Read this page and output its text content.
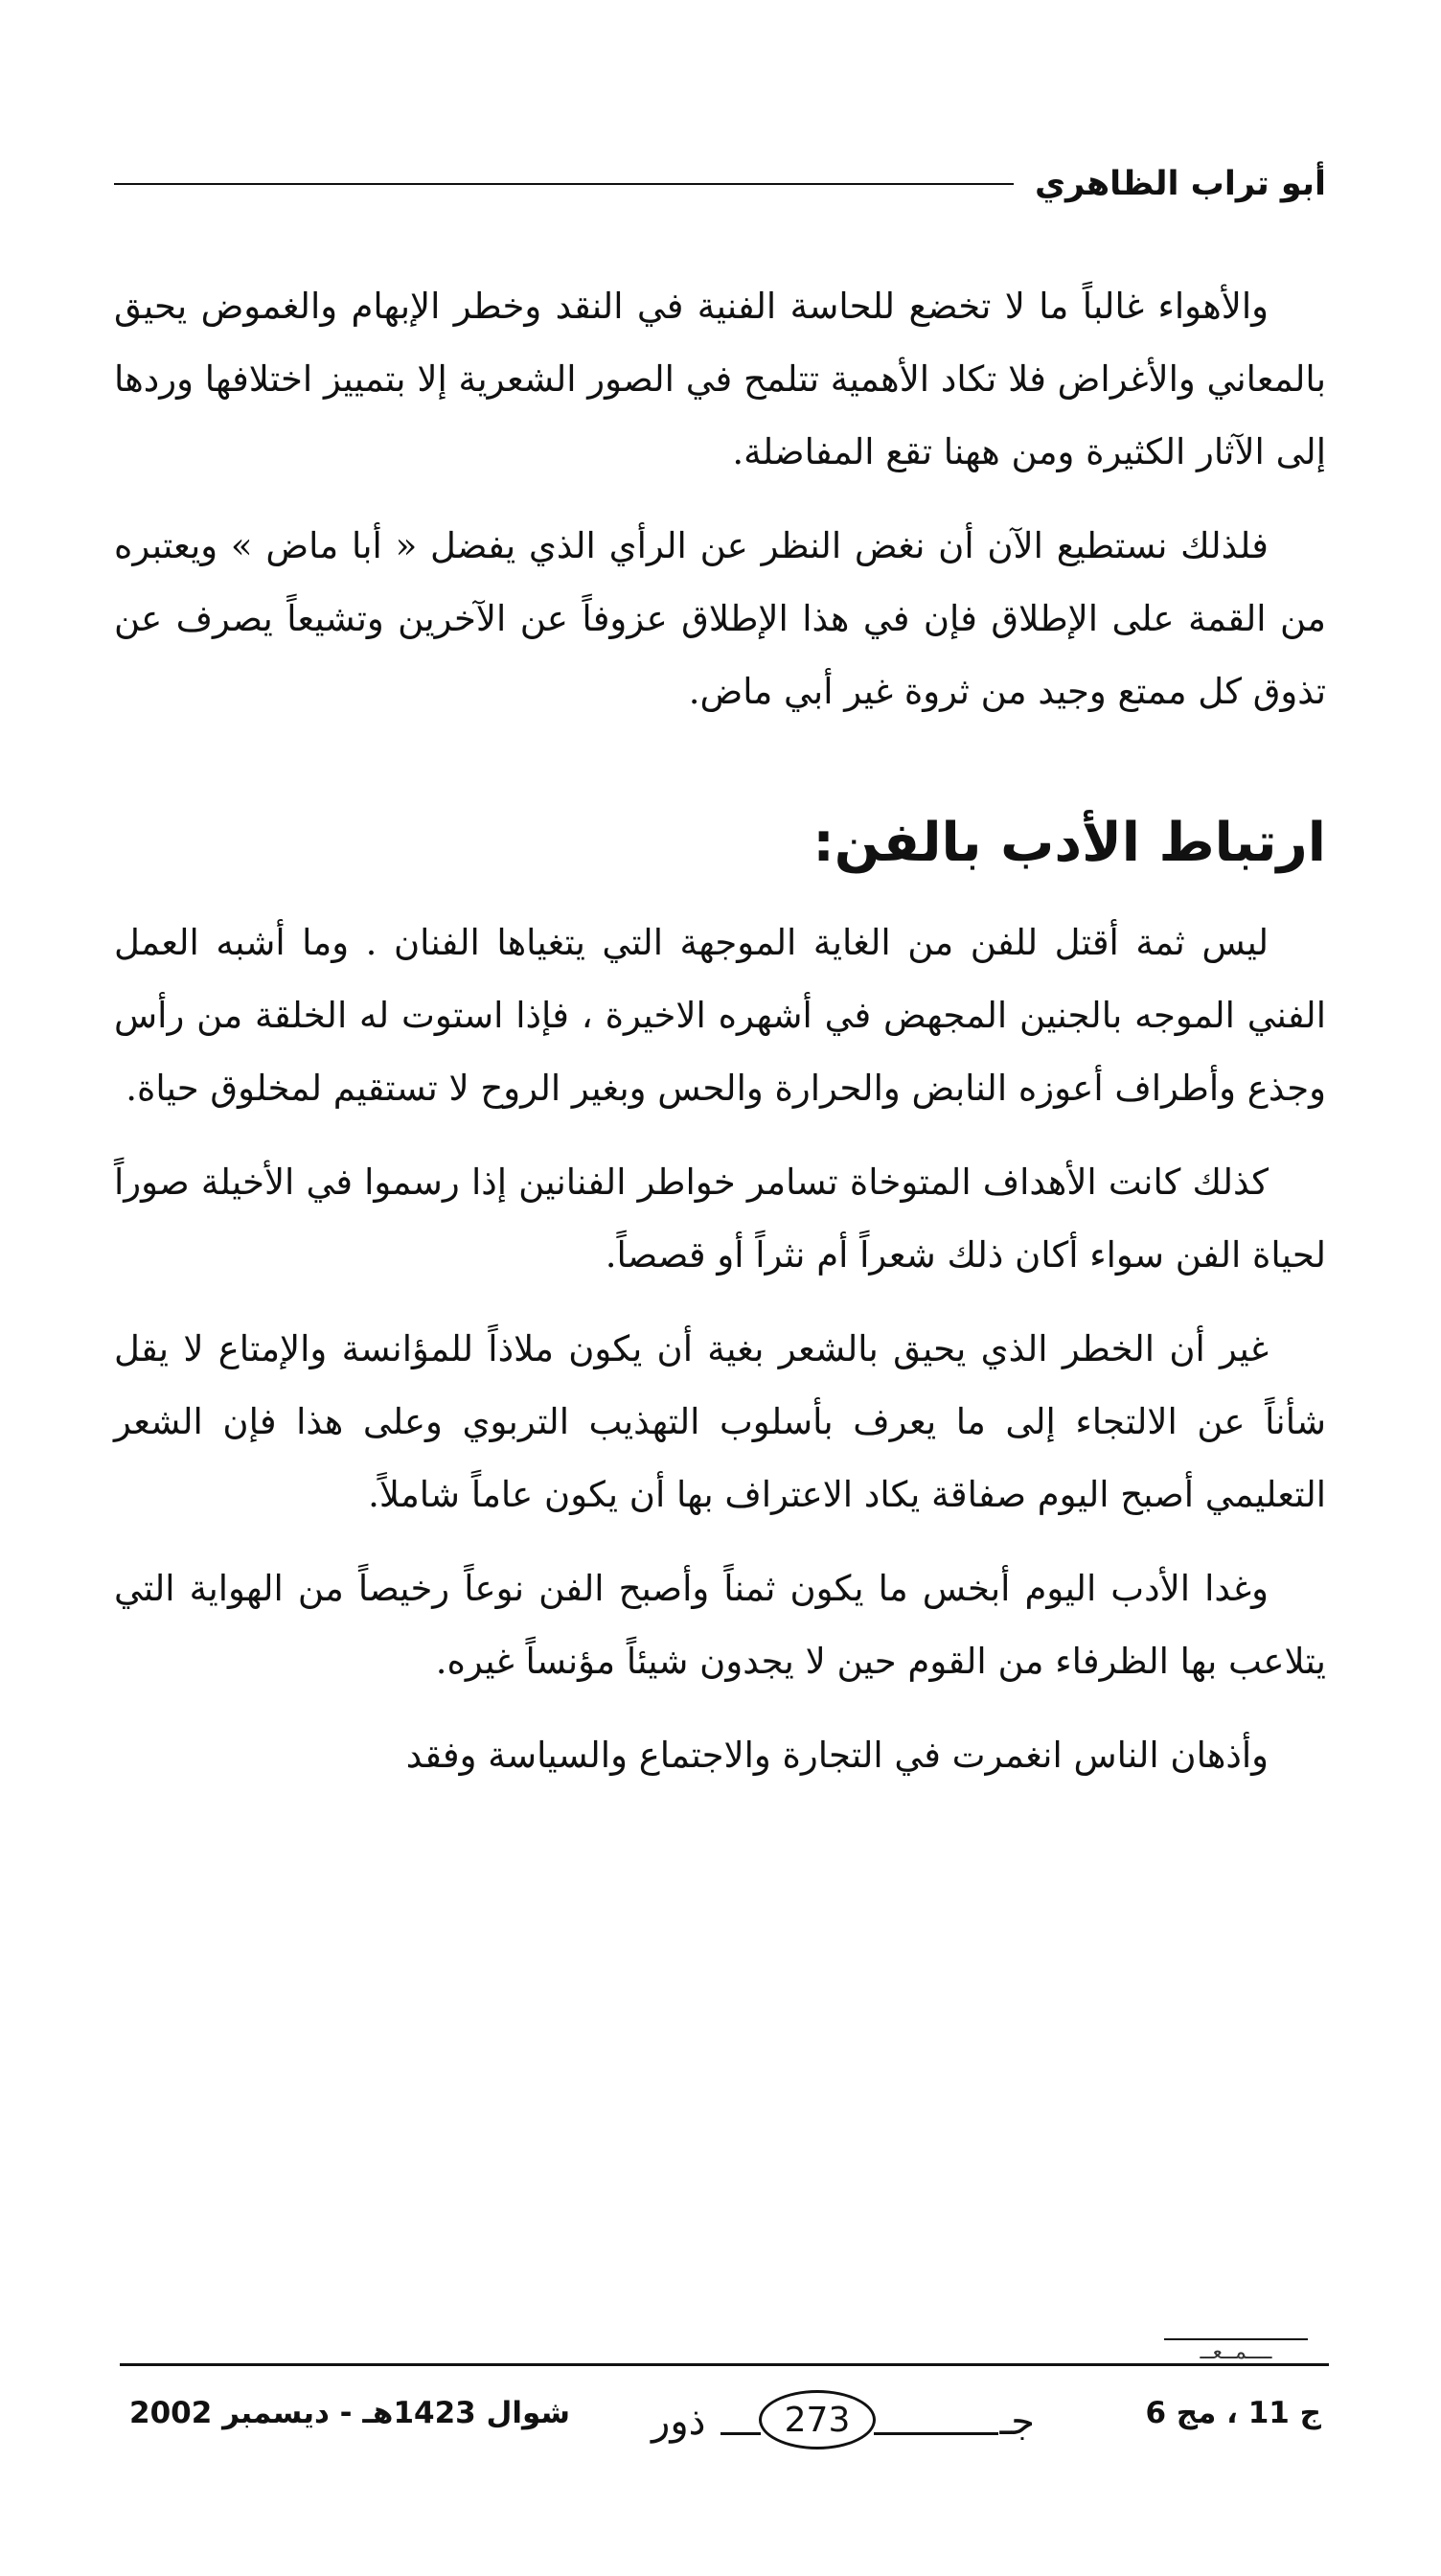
أبو تراب الظاهري

والأهواء غالباً ما لا تخضع للحاسة الفنية في النقد وخطر الإبهام والغموض يحيق بالمعاني والأغراض فلا تكاد الأهمية تتلمح في الصور الشعرية إلا بتمييز اختلافها وردها إلى الآثار الكثيرة ومن ههنا تقع المفاضلة.

فلذلك نستطيع الآن أن نغض النظر عن الرأي الذي يفضل « أبا ماض » ويعتبره من القمة على الإطلاق فإن في هذا الإطلاق عزوفاً عن الآخرين وتشيعاً يصرف عن تذوق كل ممتع وجيد من ثروة غير أبي ماض.

ارتباط الأدب بالفن:

ليس ثمة أقتل للفن من الغاية الموجهة التي يتغياها الفنان . وما أشبه العمل الفني الموجه بالجنين المجهض في أشهره الاخيرة ، فإذا استوت له الخلقة من رأس وجذع وأطراف أعوزه النابض والحرارة والحس وبغير الروح لا تستقيم لمخلوق حياة.

كذلك كانت الأهداف المتوخاة تسامر خواطر الفنانين إذا رسموا في الأخيلة صوراً لحياة الفن سواء أكان ذلك شعراً أم نثراً أو قصصاً.

غير أن الخطر الذي يحيق بالشعر بغية أن يكون ملاذاً للمؤانسة والإمتاع لا يقل شأناً عن الالتجاء إلى ما يعرف بأسلوب التهذيب التربوي وعلى هذا فإن الشعر التعليمي أصبح اليوم صفاقة يكاد الاعتراف بها أن يكون عاماً شاملاً.

وغدا الأدب اليوم أبخس ما يكون ثمناً وأصبح الفن نوعاً رخيصاً من الهواية التي يتلاعب بها الظرفاء من القوم حين لا يجدون شيئاً مؤنساً غيره.

وأذهان الناس انغمرت في التجارة والاجتماع والسياسة وفقد

ــــمــعــ
ج 11 ، مج 6
ذور	273	جـ
شوال 1423هـ - ديسمبر 2002
